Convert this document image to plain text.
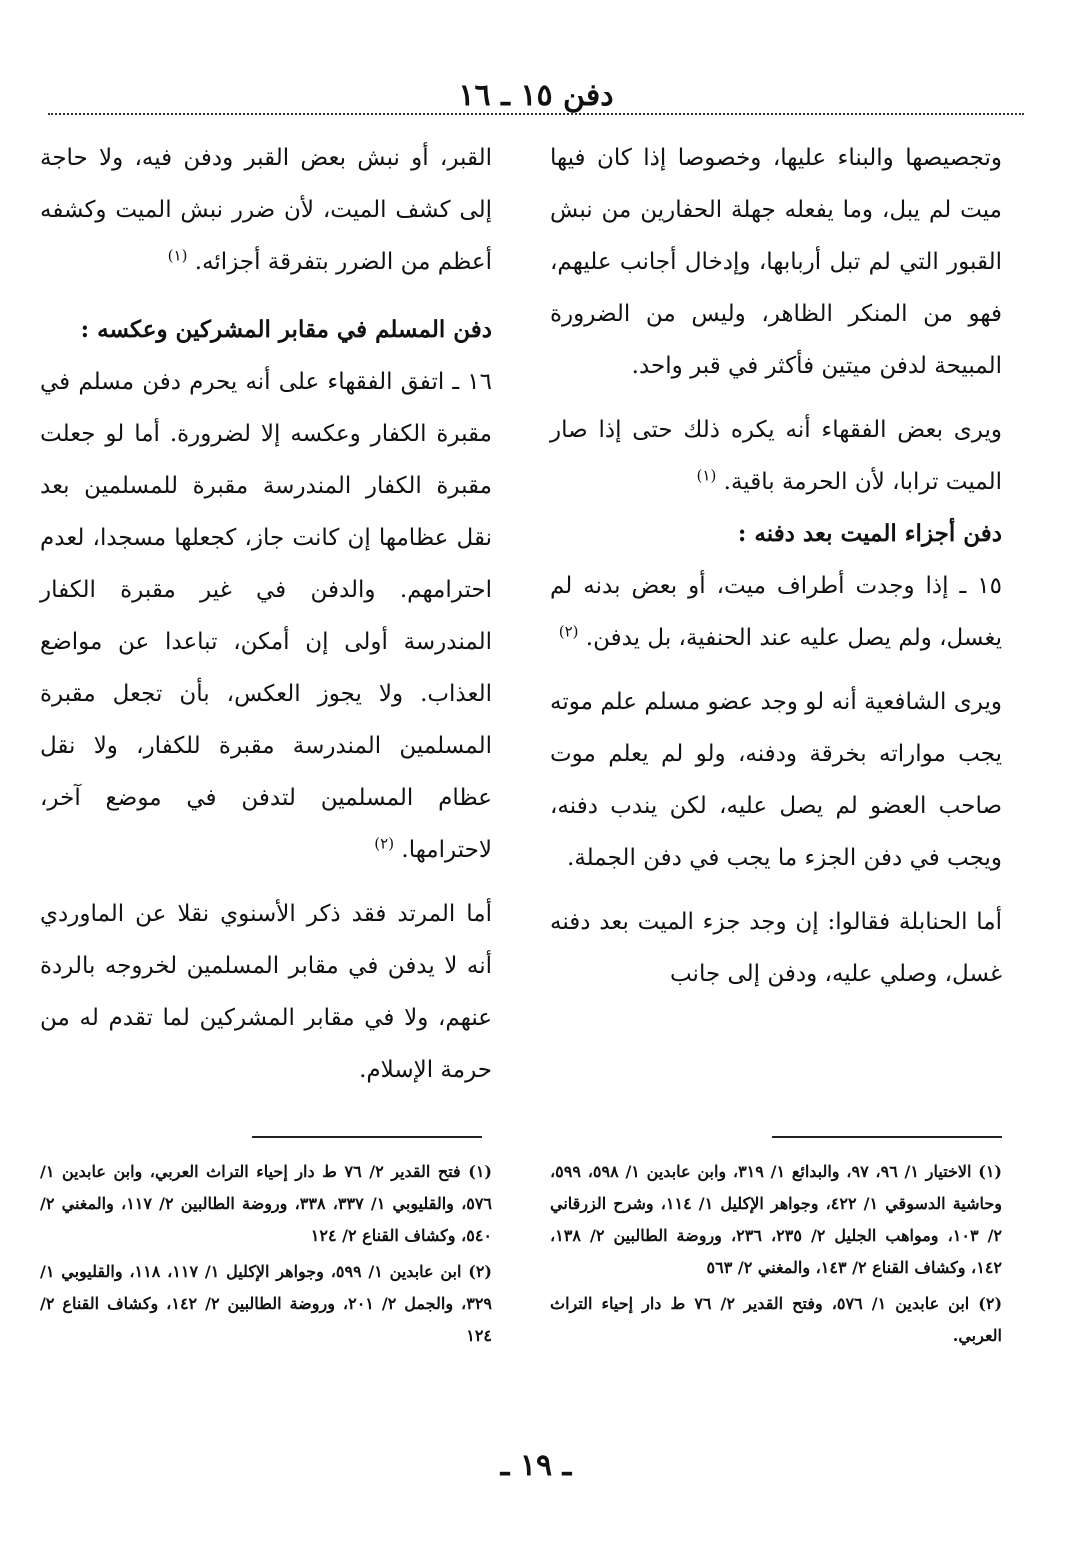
دفن ١٥ ـ ١٦

وتجصيصها والبناء عليها، وخصوصا إذا كان فيها ميت لم يبل، وما يفعله جهلة الحفارين من نبش القبور التي لم تبل أربابها، وإدخال أجانب عليهم، فهو من المنكر الظاهر، وليس من الضرورة المبيحة لدفن ميتين فأكثر في قبر واحد.

ويرى بعض الفقهاء أنه يكره ذلك حتى إذا صار الميت ترابا، لأن الحرمة باقية. $^{(١)}$

دفن أجزاء الميت بعد دفنه :

١٥ ـ إذا وجدت أطراف ميت، أو بعض بدنه لم يغسل، ولم يصل عليه عند الحنفية، بل يدفن. $^{(٢)}$

ويرى الشافعية أنه لو وجد عضو مسلم علم موته يجب مواراته بخرقة ودفنه، ولو لم يعلم موت صاحب العضو لم يصل عليه، لكن يندب دفنه، ويجب في دفن الجزء ما يجب في دفن الجملة.

أما الحنابلة فقالوا: إن وجد جزء الميت بعد دفنه غسل، وصلي عليه، ودفن إلى جانب

القبر، أو نبش بعض القبر ودفن فيه، ولا حاجة إلى كشف الميت، لأن ضرر نبش الميت وكشفه أعظم من الضرر بتفرقة أجزائه. $^{(١)}$

دفن المسلم في مقابر المشركين وعكسه :

١٦ ـ اتفق الفقهاء على أنه يحرم دفن مسلم في مقبرة الكفار وعكسه إلا لضرورة. أما لو جعلت مقبرة الكفار المندرسة مقبرة للمسلمين بعد نقل عظامها إن كانت جاز، كجعلها مسجدا، لعدم احترامهم. والدفن في غير مقبرة الكفار المندرسة أولى إن أمكن، تباعدا عن مواضع العذاب. ولا يجوز العكس، بأن تجعل مقبرة المسلمين المندرسة مقبرة للكفار، ولا نقل عظام المسلمين لتدفن في موضع آخر، لاحترامها. $^{(٢)}$

أما المرتد فقد ذكر الأسنوي نقلا عن الماوردي أنه لا يدفن في مقابر المسلمين لخروجه بالردة عنهم، ولا في مقابر المشركين لما تقدم له من حرمة الإسلام.

(١) الاختيار ١/ ٩٦، ٩٧، والبدائع ١/ ٣١٩، وابن عابدين ١/ ٥٩٨، ٥٩٩، وحاشية الدسوقي ١/ ٤٢٢، وجواهر الإكليل ١/ ١١٤، وشرح الزرقاني ٢/ ١٠٣، ومواهب الجليل ٢/ ٢٣٥، ٢٣٦، وروضة الطالبين ٢/ ١٣٨، ١٤٢، وكشاف القناع ٢/ ١٤٣، والمغني ٢/ ٥٦٣

(٢) ابن عابدين ١/ ٥٧٦، وفتح القدير ٢/ ٧٦ ط دار إحياء التراث العربي.

(١) فتح القدير ٢/ ٧٦ ط دار إحياء التراث العربي، وابن عابدين ١/ ٥٧٦، والقليوبي ١/ ٣٣٧، ٣٣٨، وروضة الطالبين ٢/ ١١٧، والمغني ٢/ ٥٤٠، وكشاف القناع ٢/ ١٢٤

(٢) ابن عابدين ١/ ٥٩٩، وجواهر الإكليل ١/ ١١٧، ١١٨، والقليوبي ١/ ٣٢٩، والجمل ٢/ ٢٠١، وروضة الطالبين ٢/ ١٤٢، وكشاف القناع ٢/ ١٢٤

ـ ١٩ ـ
